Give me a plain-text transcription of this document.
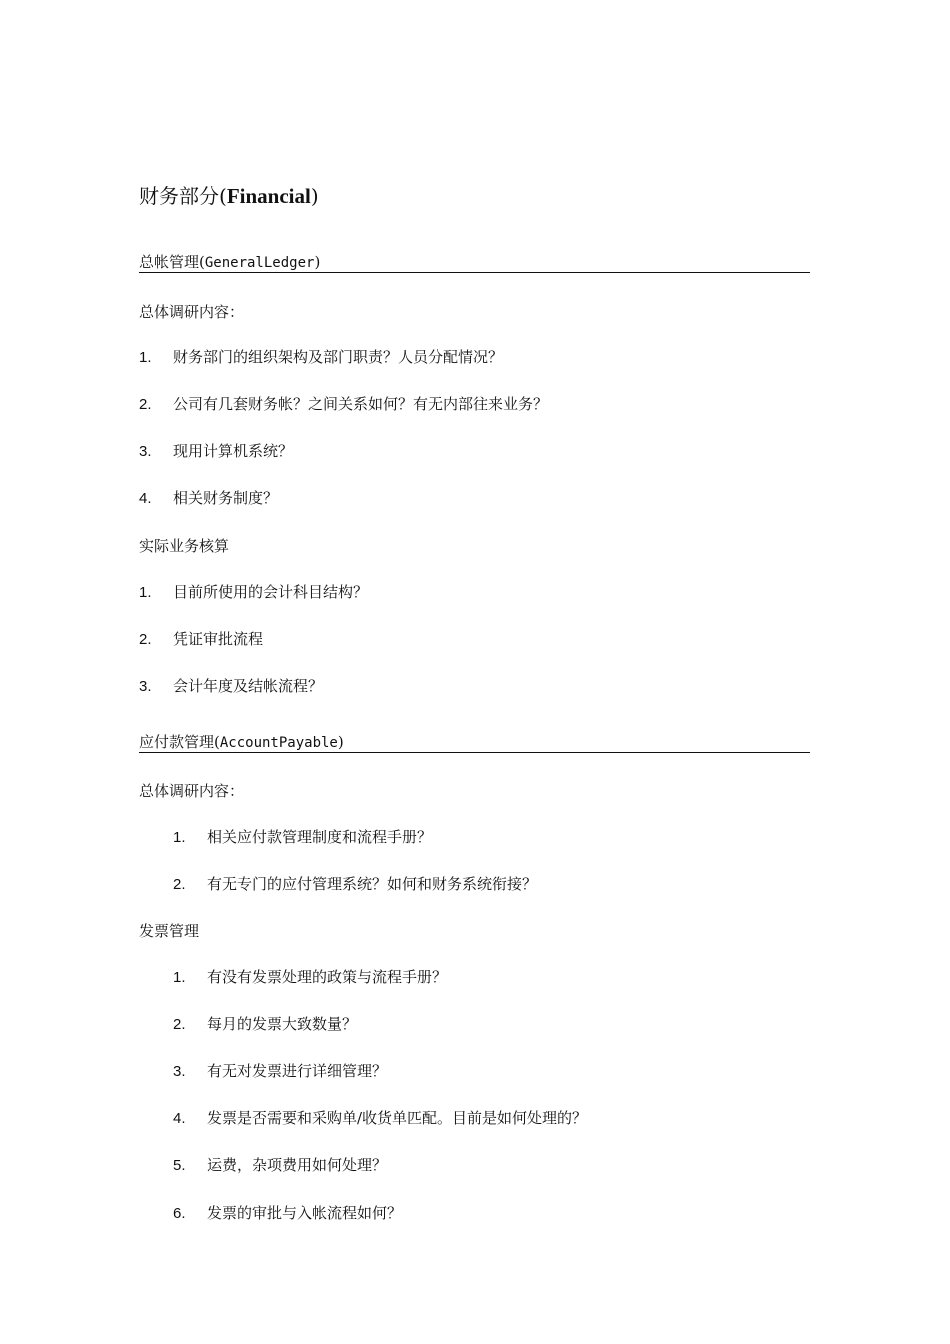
财务部分(Financial)
总帐管理(GeneralLedger)
总体调研内容：
1. 财务部门的组织架构及部门职责？人员分配情况？
2. 公司有几套财务帐？之间关系如何？有无内部往来业务？
3. 现用计算机系统？
4. 相关财务制度？
实际业务核算
1. 目前所使用的会计科目结构？
2. 凭证审批流程
3. 会计年度及结帐流程？
应付款管理(AccountPayable)
总体调研内容：
1. 相关应付款管理制度和流程手册？
2. 有无专门的应付管理系统？如何和财务系统衔接？
发票管理
1. 有没有发票处理的政策与流程手册？
2. 每月的发票大致数量？
3. 有无对发票进行详细管理？
4. 发票是否需要和采购单/收货单匹配。目前是如何处理的？
5. 运费，杂项费用如何处理？
6. 发票的审批与入帐流程如何？
